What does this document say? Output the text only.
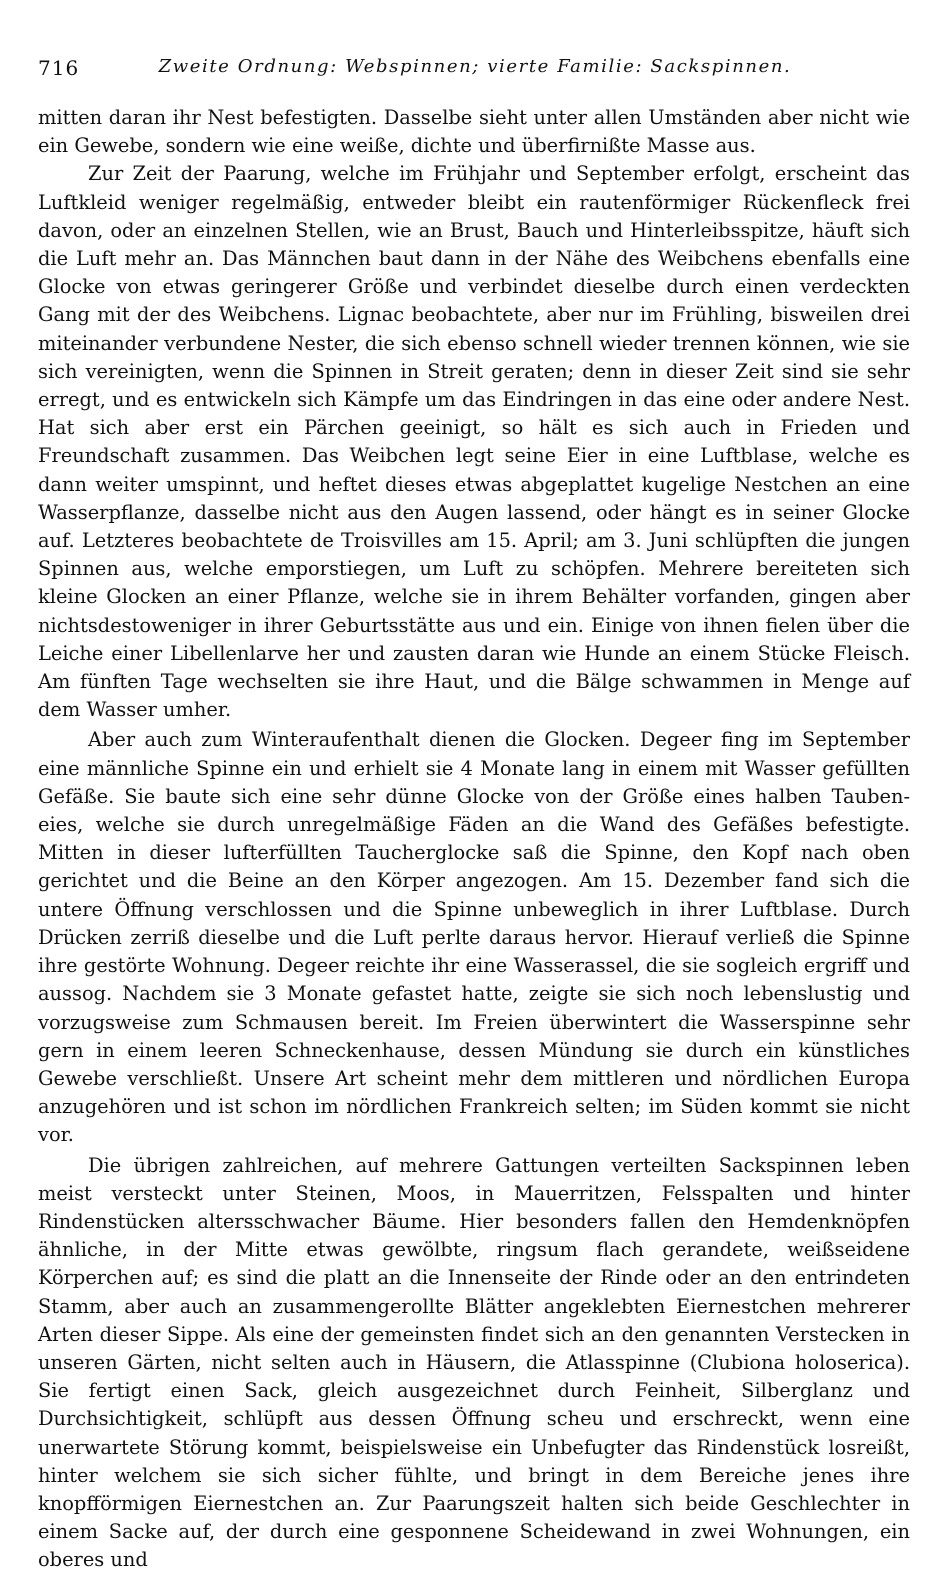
716	Zweite Ordnung: Webspinnen; vierte Familie: Sackspinnen.

mitten daran ihr Nest befestigten. Dasselbe sieht unter allen Umständen aber nicht wie ein Gewebe, sondern wie eine weiße, dichte und überfirnißte Masse aus.

Zur Zeit der Paarung, welche im Frühjahr und September erfolgt, erscheint das Luftkleid weniger regelmäßig, entweder bleibt ein rautenförmiger Rückenfleck frei davon, oder an einzelnen Stellen, wie an Brust, Bauch und Hinterleibsspitze, häuft sich die Luft mehr an. Das Männchen baut dann in der Nähe des Weibchens ebenfalls eine Glocke von etwas geringerer Größe und verbindet dieselbe durch einen verdeckten Gang mit der des Weibchens. Lignac beobachtete, aber nur im Frühling, bisweilen drei miteinander verbundene Nester, die sich ebenso schnell wieder trennen können, wie sie sich vereinigten, wenn die Spinnen in Streit geraten; denn in dieser Zeit sind sie sehr erregt, und es entwickeln sich Kämpfe um das Eindringen in das eine oder andere Nest. Hat sich aber erst ein Pärchen geeinigt, so hält es sich auch in Frieden und Freundschaft zusammen. Das Weibchen legt seine Eier in eine Luftblase, welche es dann weiter umspinnt, und heftet dieses etwas abgeplattet kugelige Nestchen an eine Wasserpflanze, dasselbe nicht aus den Augen lassend, oder hängt es in seiner Glocke auf. Letzteres beobachtete de Troisvilles am 15. April; am 3. Juni schlüpften die jungen Spinnen aus, welche emporstiegen, um Luft zu schöpfen. Mehrere bereiteten sich kleine Glocken an einer Pflanze, welche sie in ihrem Behälter vorfanden, gingen aber nichtsdestoweniger in ihrer Geburtsstätte aus und ein. Einige von ihnen fielen über die Leiche einer Libellenlarve her und zausten daran wie Hunde an einem Stücke Fleisch. Am fünften Tage wechselten sie ihre Haut, und die Bälge schwammen in Menge auf dem Wasser umher.

Aber auch zum Winteraufenthalt dienen die Glocken. Degeer fing im September eine männliche Spinne ein und erhielt sie 4 Monate lang in einem mit Wasser gefüllten Gefäße. Sie baute sich eine sehr dünne Glocke von der Größe eines halben Tauben- eies, welche sie durch unregelmäßige Fäden an die Wand des Gefäßes befestigte. Mitten in dieser lufterfüllten Taucherglocke saß die Spinne, den Kopf nach oben gerichtet und die Beine an den Körper angezogen. Am 15. Dezember fand sich die untere Öffnung verschlossen und die Spinne unbeweglich in ihrer Luftblase. Durch Drücken zerriß dieselbe und die Luft perlte daraus hervor. Hierauf verließ die Spinne ihre gestörte Wohnung. Degeer reichte ihr eine Wasserassel, die sie sogleich ergriff und aussog. Nachdem sie 3 Monate gefastet hatte, zeigte sie sich noch lebenslustig und vorzugsweise zum Schmausen bereit. Im Freien überwintert die Wasserspinne sehr gern in einem leeren Schneckenhause, dessen Mündung sie durch ein künstliches Gewebe verschließt. Unsere Art scheint mehr dem mittleren und nördlichen Europa anzugehören und ist schon im nördlichen Frankreich selten; im Süden kommt sie nicht vor.

Die übrigen zahlreichen, auf mehrere Gattungen verteilten Sackspinnen leben meist versteckt unter Steinen, Moos, in Mauerritzen, Felsspalten und hinter Rindenstücken altersschwacher Bäume. Hier besonders fallen den Hemdenknöpfen ähnliche, in der Mitte etwas gewölbte, ringsum flach gerandete, weißseidene Körperchen auf; es sind die platt an die Innenseite der Rinde oder an den entrindeten Stamm, aber auch an zusammengerollte Blätter angeklebten Eiernestchen mehrerer Arten dieser Sippe. Als eine der gemeinsten findet sich an den genannten Verstecken in unseren Gärten, nicht selten auch in Häusern, die Atlasspinne (Clubiona holoserica). Sie fertigt einen Sack, gleich ausgezeichnet durch Feinheit, Silberglanz und Durchsichtigkeit, schlüpft aus dessen Öffnung scheu und erschreckt, wenn eine unerwartete Störung kommt, beispielsweise ein Unbefugter das Rindenstück losreißt, hinter welchem sie sich sicher fühlte, und bringt in dem Bereiche jenes ihre knopfförmigen Eiernestchen an. Zur Paarungszeit halten sich beide Geschlechter in einem Sacke auf, der durch eine gesponnene Scheidewand in zwei Wohnungen, ein oberes und
